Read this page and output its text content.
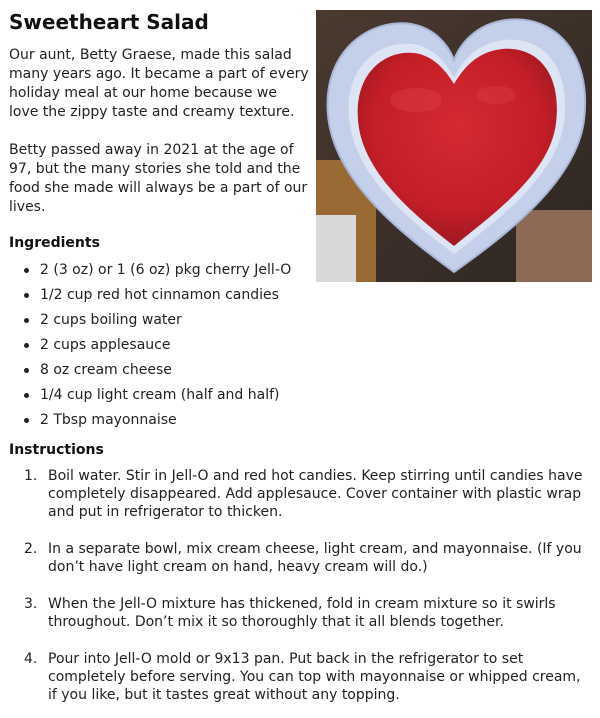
Sweetheart Salad

Our aunt, Betty Graese, made this salad many years ago. It became a part of every holiday meal at our home because we love the zippy taste and creamy texture.

Betty passed away in 2021 at the age of 97, but the many stories she told and the food she made will always be a part of our lives.

Ingredients
2 (3 oz) or 1 (6 oz) pkg cherry Jell-O
1/2 cup red hot cinnamon candies
2 cups boiling water
2 cups applesauce
8 oz cream cheese
1/4 cup light cream (half and half)
2 Tbsp mayonnaise
Instructions
1. Boil water. Stir in Jell-O and red hot candies. Keep stirring until candies have completely disappeared. Add applesauce. Cover container with plastic wrap and put in refrigerator to thicken.
2. In a separate bowl, mix cream cheese, light cream, and mayonnaise. (If you don’t have light cream on hand, heavy cream will do.)
3. When the Jell-O mixture has thickened, fold in cream mixture so it swirls throughout. Don’t mix it so thoroughly that it all blends together.
4. Pour into Jell-O mold or 9x13 pan. Put back in the refrigerator to set completely before serving. You can top with mayonnaise or whipped cream, if you like, but it tastes great without any topping.
